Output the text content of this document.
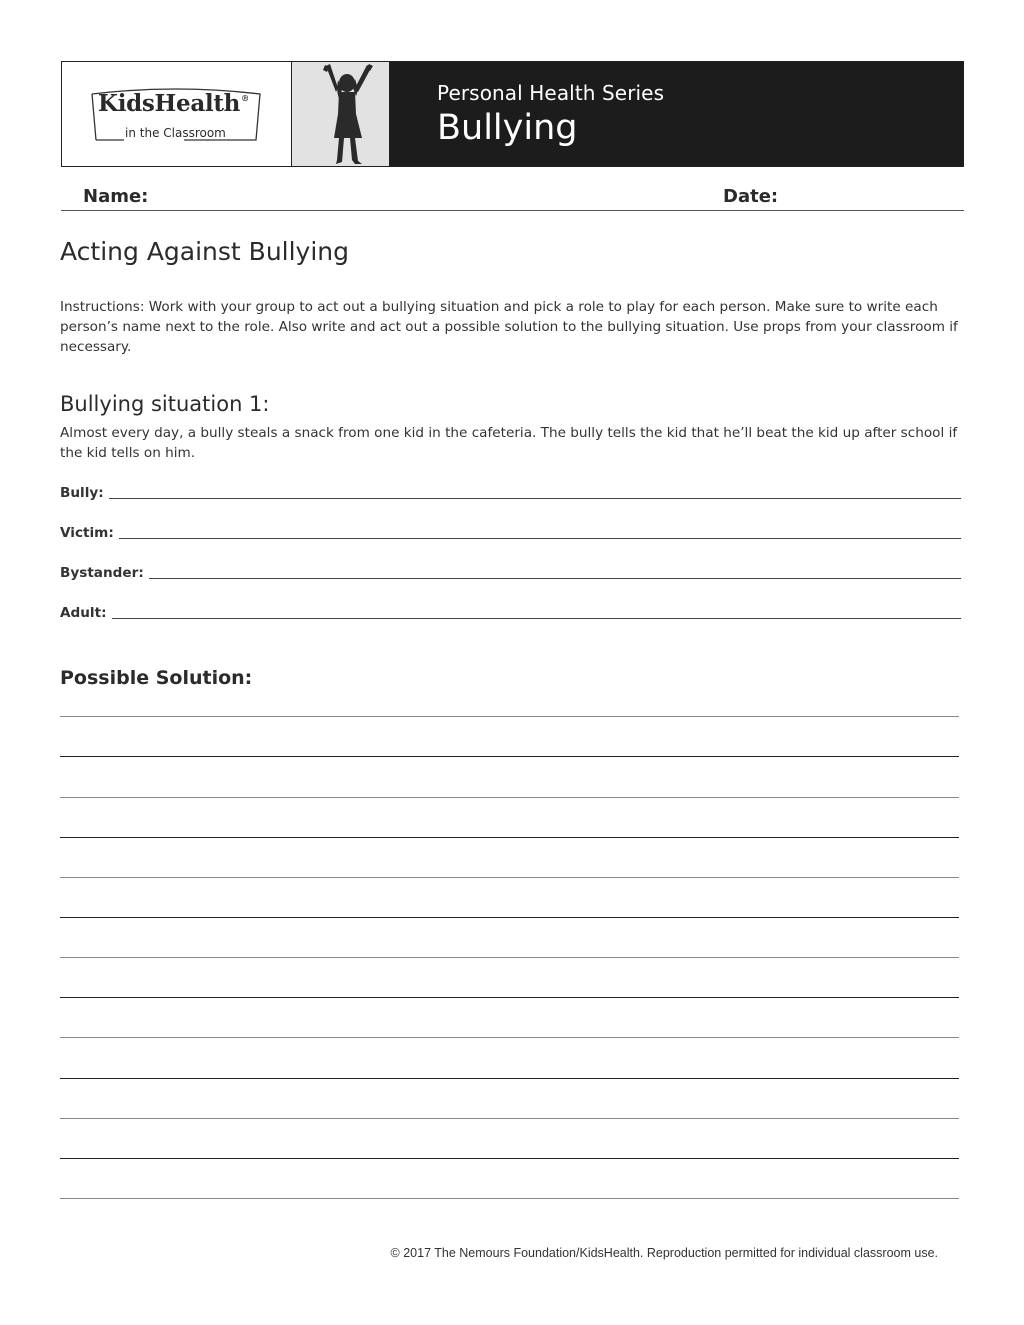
KidsHealth®
in the Classroom
Personal Health Series
Bullying
Name:	Date:
Acting Against Bullying
Instructions: Work with your group to act out a bullying situation and pick a role to play for each person. Make sure to write each person’s name next to the role. Also write and act out a possible solution to the bullying situation. Use props from your classroom if necessary.
Bullying situation 1:
Almost every day, a bully steals a snack from one kid in the cafeteria. The bully tells the kid that he’ll beat the kid up after school if the kid tells on him.
Bully:
Victim:
Bystander:
Adult:
Possible Solution:
© 2017 The Nemours Foundation/KidsHealth. Reproduction permitted for individual classroom use.
